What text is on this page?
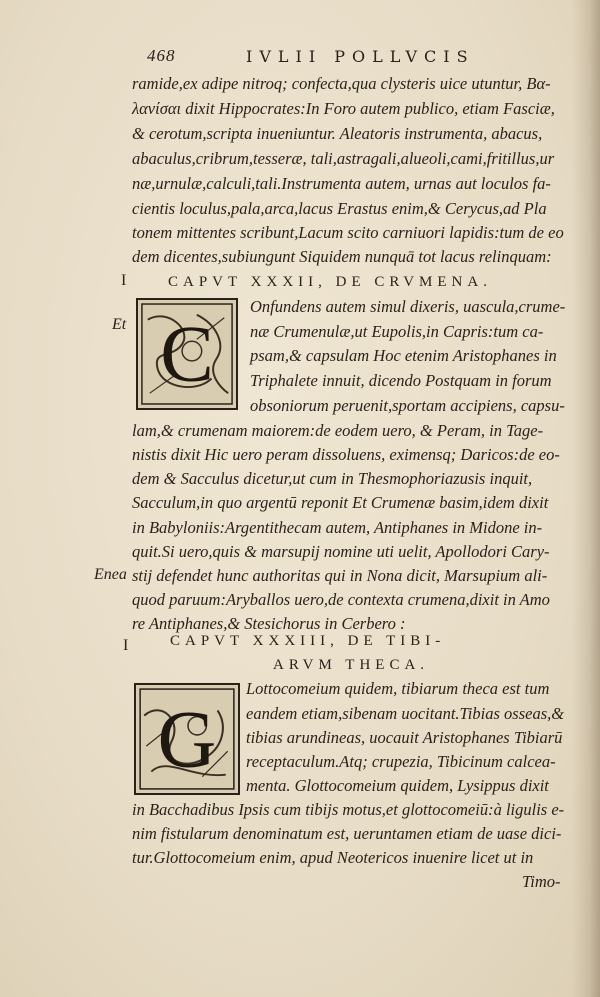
468	IVLII POLLVCIS
ramide,ex adipe nitroq; confecta,qua clysteris uice utuntur, Βα-
λανίσαι dixit Hippocrates:In Foro autem publico, etiam Fasciæ,
& cerotum,scripta inueniuntur. Aleatoris instrumenta, abacus,
abaculus,cribrum,tesseræ, tali,astragali,alueoli,cami,fritillus,ur
næ,urnulæ,calculi,tali.Instrumenta autem, urnas aut loculos fa-
cientis loculus,pala,arca,lacus Erastus enim,& Cerycus,ad Pla
tonem mittentes scribunt,Lacum scito carniuori lapidis:tum de eo
dem dicentes,subiungunt Siquidem nunquā tot lacus relinquam:
I	CAPVT XXXII, DE CRVMENA.
Et C
Onfundens autem simul dixeris, uascula,crume-
næ Crumenulæ,ut Eupolis,in Capris:tum ca-
psam,& capsulam Hoc etenim Aristophanes in
Triphalete innuit, dicendo Postquam in forum
obsoniorum peruenit,sportam accipiens, capsu-
lam,& crumenam maiorem:de eodem uero, & Peram, in Tage-
nistis dixit Hic uero peram dissoluens, eximensq; Daricos:de eo-
dem & Sacculus dicetur,ut cum in Thesmophoriazusis inquit,
Sacculum,in quo argentū reponit Et Crumenæ basim,idem dixit
in Babyloniis:Argentithecam autem, Antiphanes in Midone in-
quit.Si uero,quis & marsupij nomine uti uelit, Apollodori Cary-
stij defendet hunc authoritas qui in Nona dicit, Marsupium ali-
quod paruum:Aryballos uero,de contexta crumena,dixit in Amo
re Antiphanes,& Stesichorus in Cerbero :
Enea
I	CAPVT XXXIII, DE TIBI-
ARVM THECA.
G
Lottocomeium quidem, tibiarum theca est tum
eandem etiam,sibenam uocitant.Tibias osseas,&
tibias arundineas, uocauit Aristophanes Tibiarū
receptaculum.Atq; crupezia, Tibicinum calcea-
menta. Glottocomeium quidem, Lysippus dixit
in Bacchadibus Ipsis cum tibijs motus,et glottocomeiū:à ligulis e-
nim fistularum denominatum est, ueruntamen etiam de uase dici-
tur.Glottocomeium enim, apud Neotericos inuenire licet ut in
Timo-
